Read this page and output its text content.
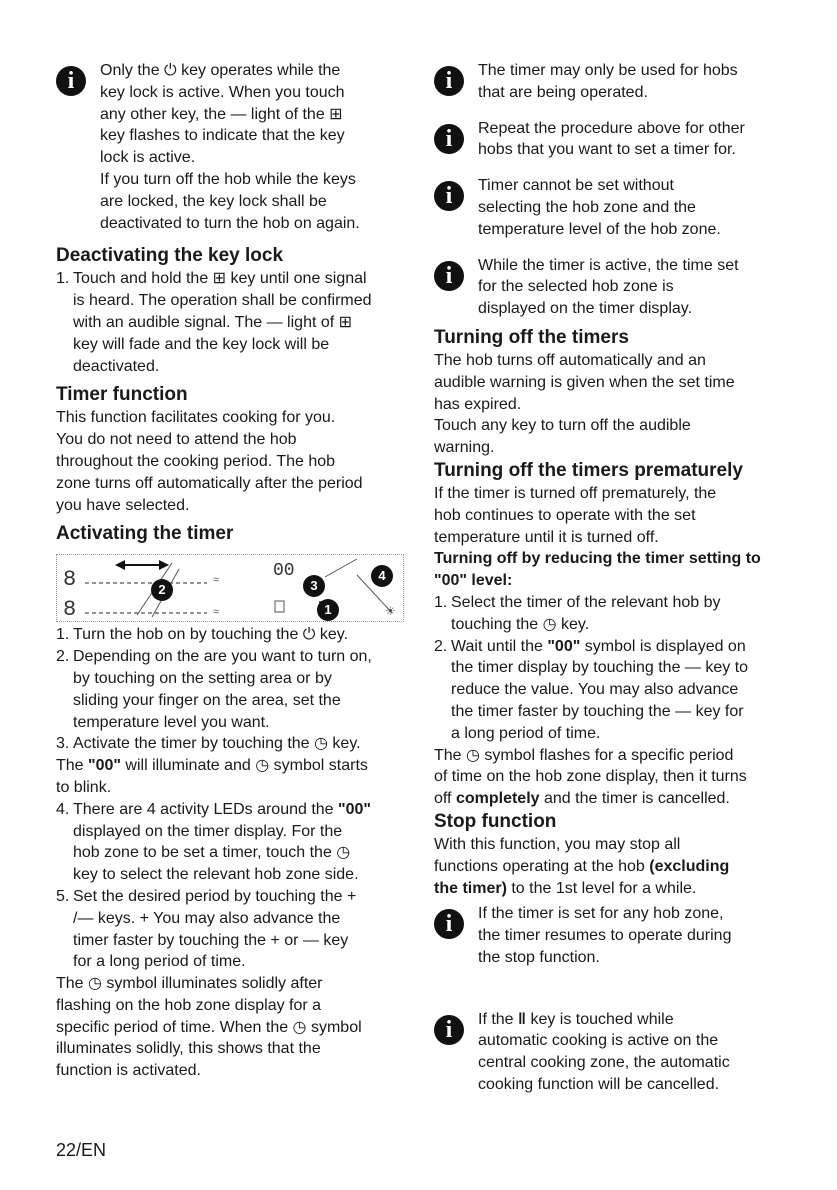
i	Only the ⏻ key operates while the

key lock is active. When you touch

any other key, the — light of the ⊞

key flashes to indicate that the key

lock is active.

If you turn off the hob while the keys

are locked, the key lock shall be

deactivated to turn the hob on again.

Deactivating the key lock
1. Touch and hold the ⊞ key until one signal

is heard. The operation shall be confirmed

with an audible signal. The — light of ⊞

key will fade and the key lock will be

deactivated.

Timer function

This function facilitates cooking for you.

You do not need to attend the hob

throughout the cooking period. The hob

zone turns off automatically after the period

you have selected.

Activating the timer
8
8
00
≈
≈	☀
2	3
4
1
1. Turn the hob on by touching the ⏻ key.

2. Depending on the are you want to turn on,

by touching on the setting area or by

sliding your finger on the area, set the

temperature level you want.

3. Activate the timer by touching the ◷ key.

The "00" will illuminate and ◷ symbol starts

to blink.

4. There are 4 activity LEDs around the "00"

displayed on the timer display. For the

hob zone to be set a timer, touch the ◷

key to select the relevant hob zone side.

5. Set the desired period by touching the +

/— keys. + You may also advance the

timer faster by touching the + or — key

for a long period of time.

The ◷ symbol illuminates solidly after

flashing on the hob zone display for a

specific period of time. When the ◷ symbol

illuminates solidly, this shows that the

function is activated.

i	The timer may only be used for hobs

that are being operated.

i	Repeat the procedure above for other

hobs that you want to set a timer for.

i	Timer cannot be set without

selecting the hob zone and the

temperature level of the hob zone.

i	While the timer is active, the time set

for the selected hob zone is

displayed on the timer display.

Turning off the timers

The hob turns off automatically and an

audible warning is given when the set time

has expired.

Touch any key to turn off the audible

warning.

Turning off the timers prematurely

If the timer is turned off prematurely, the

hob continues to operate with the set

temperature until it is turned off.

Turning off by reducing the timer setting to
"00" level:
1. Select the timer of the relevant hob by

touching the ◷ key.

2. Wait until the "00" symbol is displayed on

the timer display by touching the — key to

reduce the value. You may also advance

the timer faster by touching the — key for

a long period of time.

The ◷ symbol flashes for a specific period

of time on the hob zone display, then it turns

off completely and the timer is cancelled.

Stop function

With this function, you may stop all

functions operating at the hob (excluding

the timer) to the 1st level for a while.

i	If the timer is set for any hob zone,

the timer resumes to operate during

the stop function.

i	If the ‖ key is touched while

automatic cooking is active on the

central cooking zone, the automatic

cooking function will be cancelled.

22/EN
